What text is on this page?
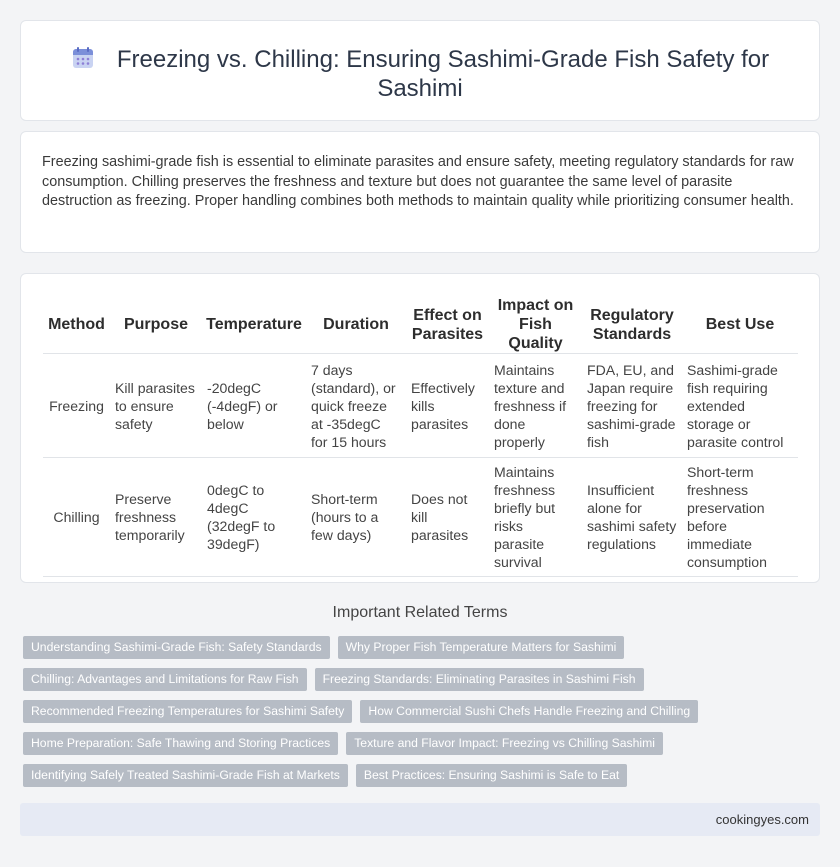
Freezing vs. Chilling: Ensuring Sashimi-Grade Fish Safety for Sashimi

Freezing sashimi-grade fish is essential to eliminate parasites and ensure safety, meeting regulatory standards for raw consumption. Chilling preserves the freshness and texture but does not guarantee the same level of parasite destruction as freezing. Proper handling combines both methods to maintain quality while prioritizing consumer health.

Method	Purpose	Temperature	Duration	Effect on Parasites	Impact on Fish Quality	Regulatory Standards	Best Use
Freezing	Kill parasites to ensure safety	-20degC (-4degF) or below	7 days (standard), or quick freeze at -35degC for 15 hours	Effectively kills parasites	Maintains texture and freshness if done properly	FDA, EU, and Japan require freezing for sashimi-grade fish	Sashimi-grade fish requiring extended storage or parasite control
Chilling	Preserve freshness temporarily	0degC to 4degC (32degF to 39degF)	Short-term (hours to a few days)	Does not kill parasites	Maintains freshness briefly but risks parasite survival	Insufficient alone for sashimi safety regulations	Short-term freshness preservation before immediate consumption
Important Related Terms
Understanding Sashimi-Grade Fish: Safety Standards	Why Proper Fish Temperature Matters for Sashimi
Chilling: Advantages and Limitations for Raw Fish	Freezing Standards: Eliminating Parasites in Sashimi Fish
Recommended Freezing Temperatures for Sashimi Safety	How Commercial Sushi Chefs Handle Freezing and Chilling
Home Preparation: Safe Thawing and Storing Practices	Texture and Flavor Impact: Freezing vs Chilling Sashimi
Identifying Safely Treated Sashimi-Grade Fish at Markets	Best Practices: Ensuring Sashimi is Safe to Eat
cookingyes.com
